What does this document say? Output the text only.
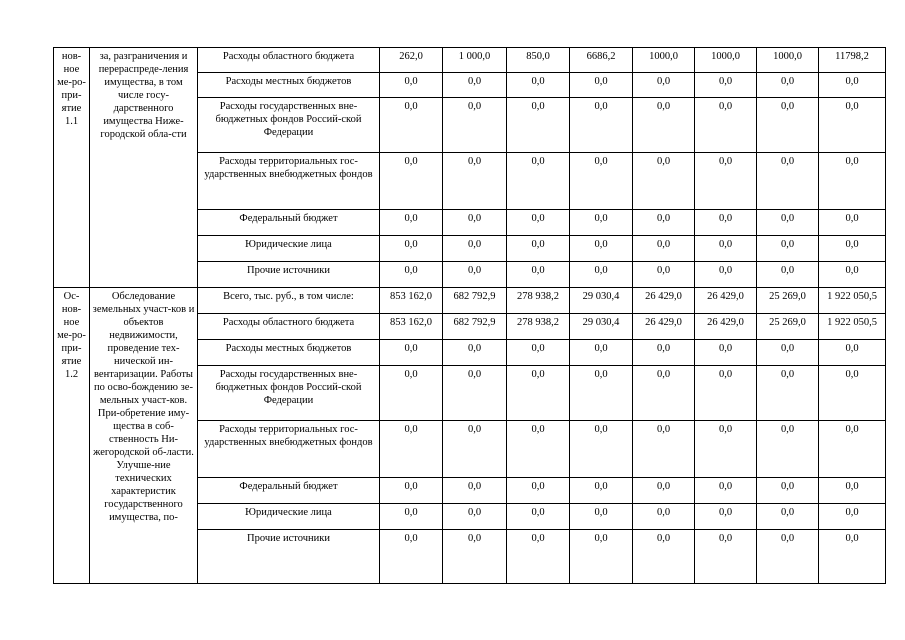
нов-ное ме-ро-при-ятие 1.1	за, разграничения и перераспреде-ления имущества, в том числе госу-дарственного имущества Ниже-городской обла-сти	Расходы областного бюджета	262,0	1 000,0	850,0	6686,2	1000,0	1000,0	1000,0	11798,2
		Расходы местных бюджетов	0,0	0,0	0,0	0,0	0,0	0,0	0,0	0,0
		Расходы государственных вне-бюджетных фондов Россий-ской Федерации	0,0	0,0	0,0	0,0	0,0	0,0	0,0	0,0
		Расходы территориальных гос-ударственных внебюджетных фондов	0,0	0,0	0,0	0,0	0,0	0,0	0,0	0,0
		Федеральный бюджет	0,0	0,0	0,0	0,0	0,0	0,0	0,0	0,0
		Юридические лица	0,0	0,0	0,0	0,0	0,0	0,0	0,0	0,0
		Прочие источники	0,0	0,0	0,0	0,0	0,0	0,0	0,0	0,0
Ос-нов-ное ме-ро-при-ятие 1.2	Обследование земельных участ-ков и объектов недвижимости, проведение тех-нической ин-вентаризации. Работы по осво-бождению зе-мельных участ-ков. При-обретение иму-щества в соб-ственность Ни-жегородской об-ласти. Улучше-ние технических характеристик государственного имущества, по-	Всего, тыс. руб., в том числе:	853 162,0	682 792,9	278 938,2	29 030,4	26 429,0	26 429,0	25 269,0	1 922 050,5
		Расходы областного бюджета	853 162,0	682 792,9	278 938,2	29 030,4	26 429,0	26 429,0	25 269,0	1 922 050,5
		Расходы местных бюджетов	0,0	0,0	0,0	0,0	0,0	0,0	0,0	0,0
		Расходы государственных вне-бюджетных фондов Россий-ской Федерации	0,0	0,0	0,0	0,0	0,0	0,0	0,0	0,0
		Расходы территориальных гос-ударственных внебюджетных фондов	0,0	0,0	0,0	0,0	0,0	0,0	0,0	0,0
		Федеральный бюджет	0,0	0,0	0,0	0,0	0,0	0,0	0,0	0,0
		Юридические лица	0,0	0,0	0,0	0,0	0,0	0,0	0,0	0,0
		Прочие источники	0,0	0,0	0,0	0,0	0,0	0,0	0,0	0,0
